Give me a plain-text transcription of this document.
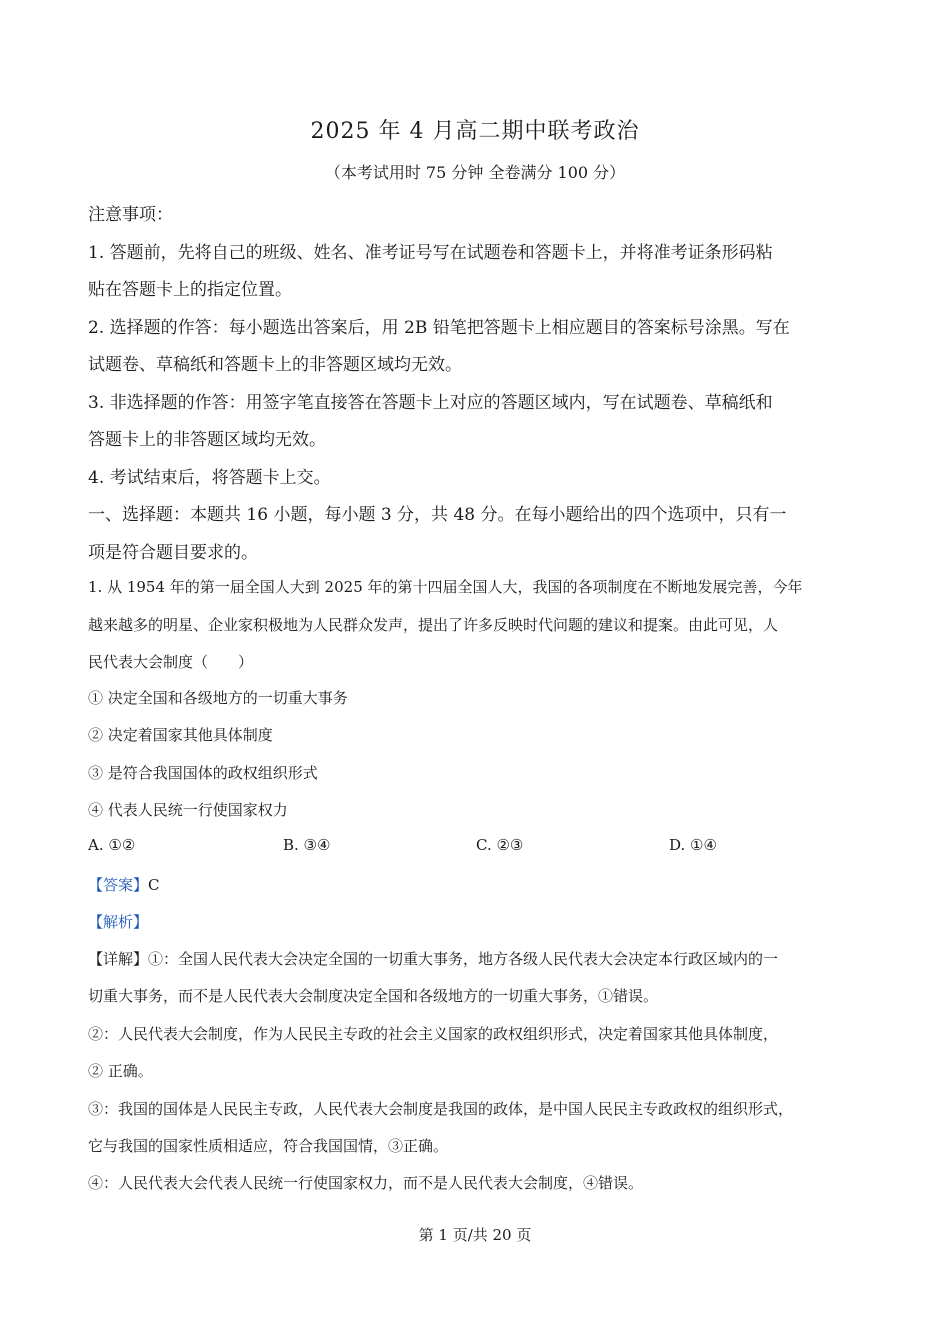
2025 年 4 月高二期中联考政治
（本考试用时 75 分钟 全卷满分 100 分）
注意事项：
1. 答题前，先将自己的班级、姓名、准考证号写在试题卷和答题卡上，并将准考证条形码粘
贴在答题卡上的指定位置。
2. 选择题的作答：每小题选出答案后，用 2B 铅笔把答题卡上相应题目的答案标号涂黑。写在
试题卷、草稿纸和答题卡上的非答题区域均无效。
3. 非选择题的作答：用签字笔直接答在答题卡上对应的答题区域内，写在试题卷、草稿纸和
答题卡上的非答题区域均无效。
4. 考试结束后，将答题卡上交。
一、选择题：本题共 16 小题，每小题 3 分，共 48 分。在每小题给出的四个选项中，只有一
项是符合题目要求的。
1. 从 1954 年的第一届全国人大到 2025 年的第十四届全国人大，我国的各项制度在不断地发展完善，今年
越来越多的明星、企业家积极地为人民群众发声，提出了许多反映时代问题的建议和提案。由此可见，人
民代表大会制度（　　）
① 决定全国和各级地方的一切重大事务
② 决定着国家其他具体制度
③ 是符合我国国体的政权组织形式
④ 代表人民统一行使国家权力
A. ①②	B. ③④	C. ②③	D. ①④
【答案】C
【解析】
【详解】①：全国人民代表大会决定全国的一切重大事务，地方各级人民代表大会决定本行政区域内的一
切重大事务，而不是人民代表大会制度决定全国和各级地方的一切重大事务，①错误。
②：人民代表大会制度，作为人民民主专政的社会主义国家的政权组织形式，决定着国家其他具体制度，
② 正确。
③：我国的国体是人民民主专政，人民代表大会制度是我国的政体，是中国人民民主专政政权的组织形式，
它与我国的国家性质相适应，符合我国国情，③正确。
④：人民代表大会代表人民统一行使国家权力，而不是人民代表大会制度，④错误。
第 1 页/共 20 页
